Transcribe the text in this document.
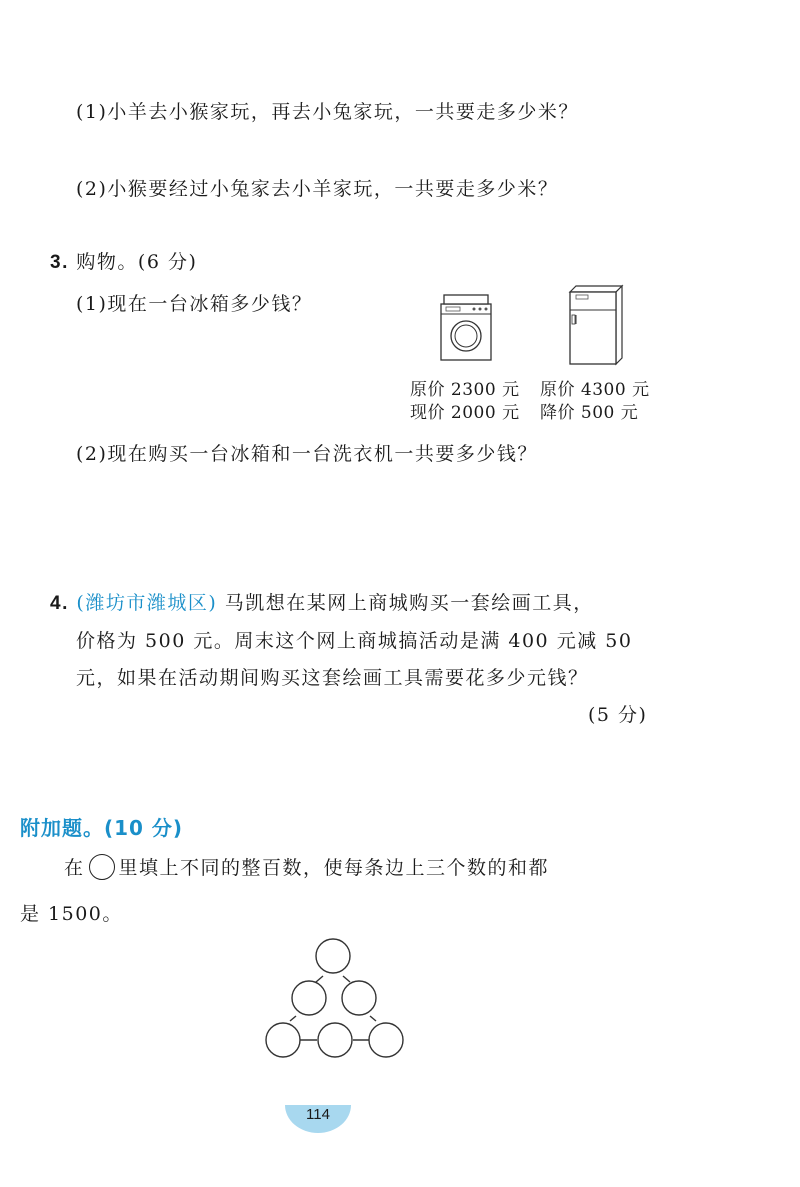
(1)小羊去小猴家玩，再去小兔家玩，一共要走多少米？
(2)小猴要经过小兔家去小羊家玩，一共要走多少米？
3. 购物。(6 分)
(1)现在一台冰箱多少钱？
原价 2300 元
现价 2000 元
原价 4300 元
降价 500 元
(2)现在购买一台冰箱和一台洗衣机一共要多少钱？
4. (潍坊市潍城区) 马凯想在某网上商城购买一套绘画工具，
价格为 500 元。周末这个网上商城搞活动是满 400 元减 50
元，如果在活动期间购买这套绘画工具需要花多少元钱？
(5 分)
附加题。(10 分)
在 里填上不同的整百数，使每条边上三个数的和都
是 1500。
114
